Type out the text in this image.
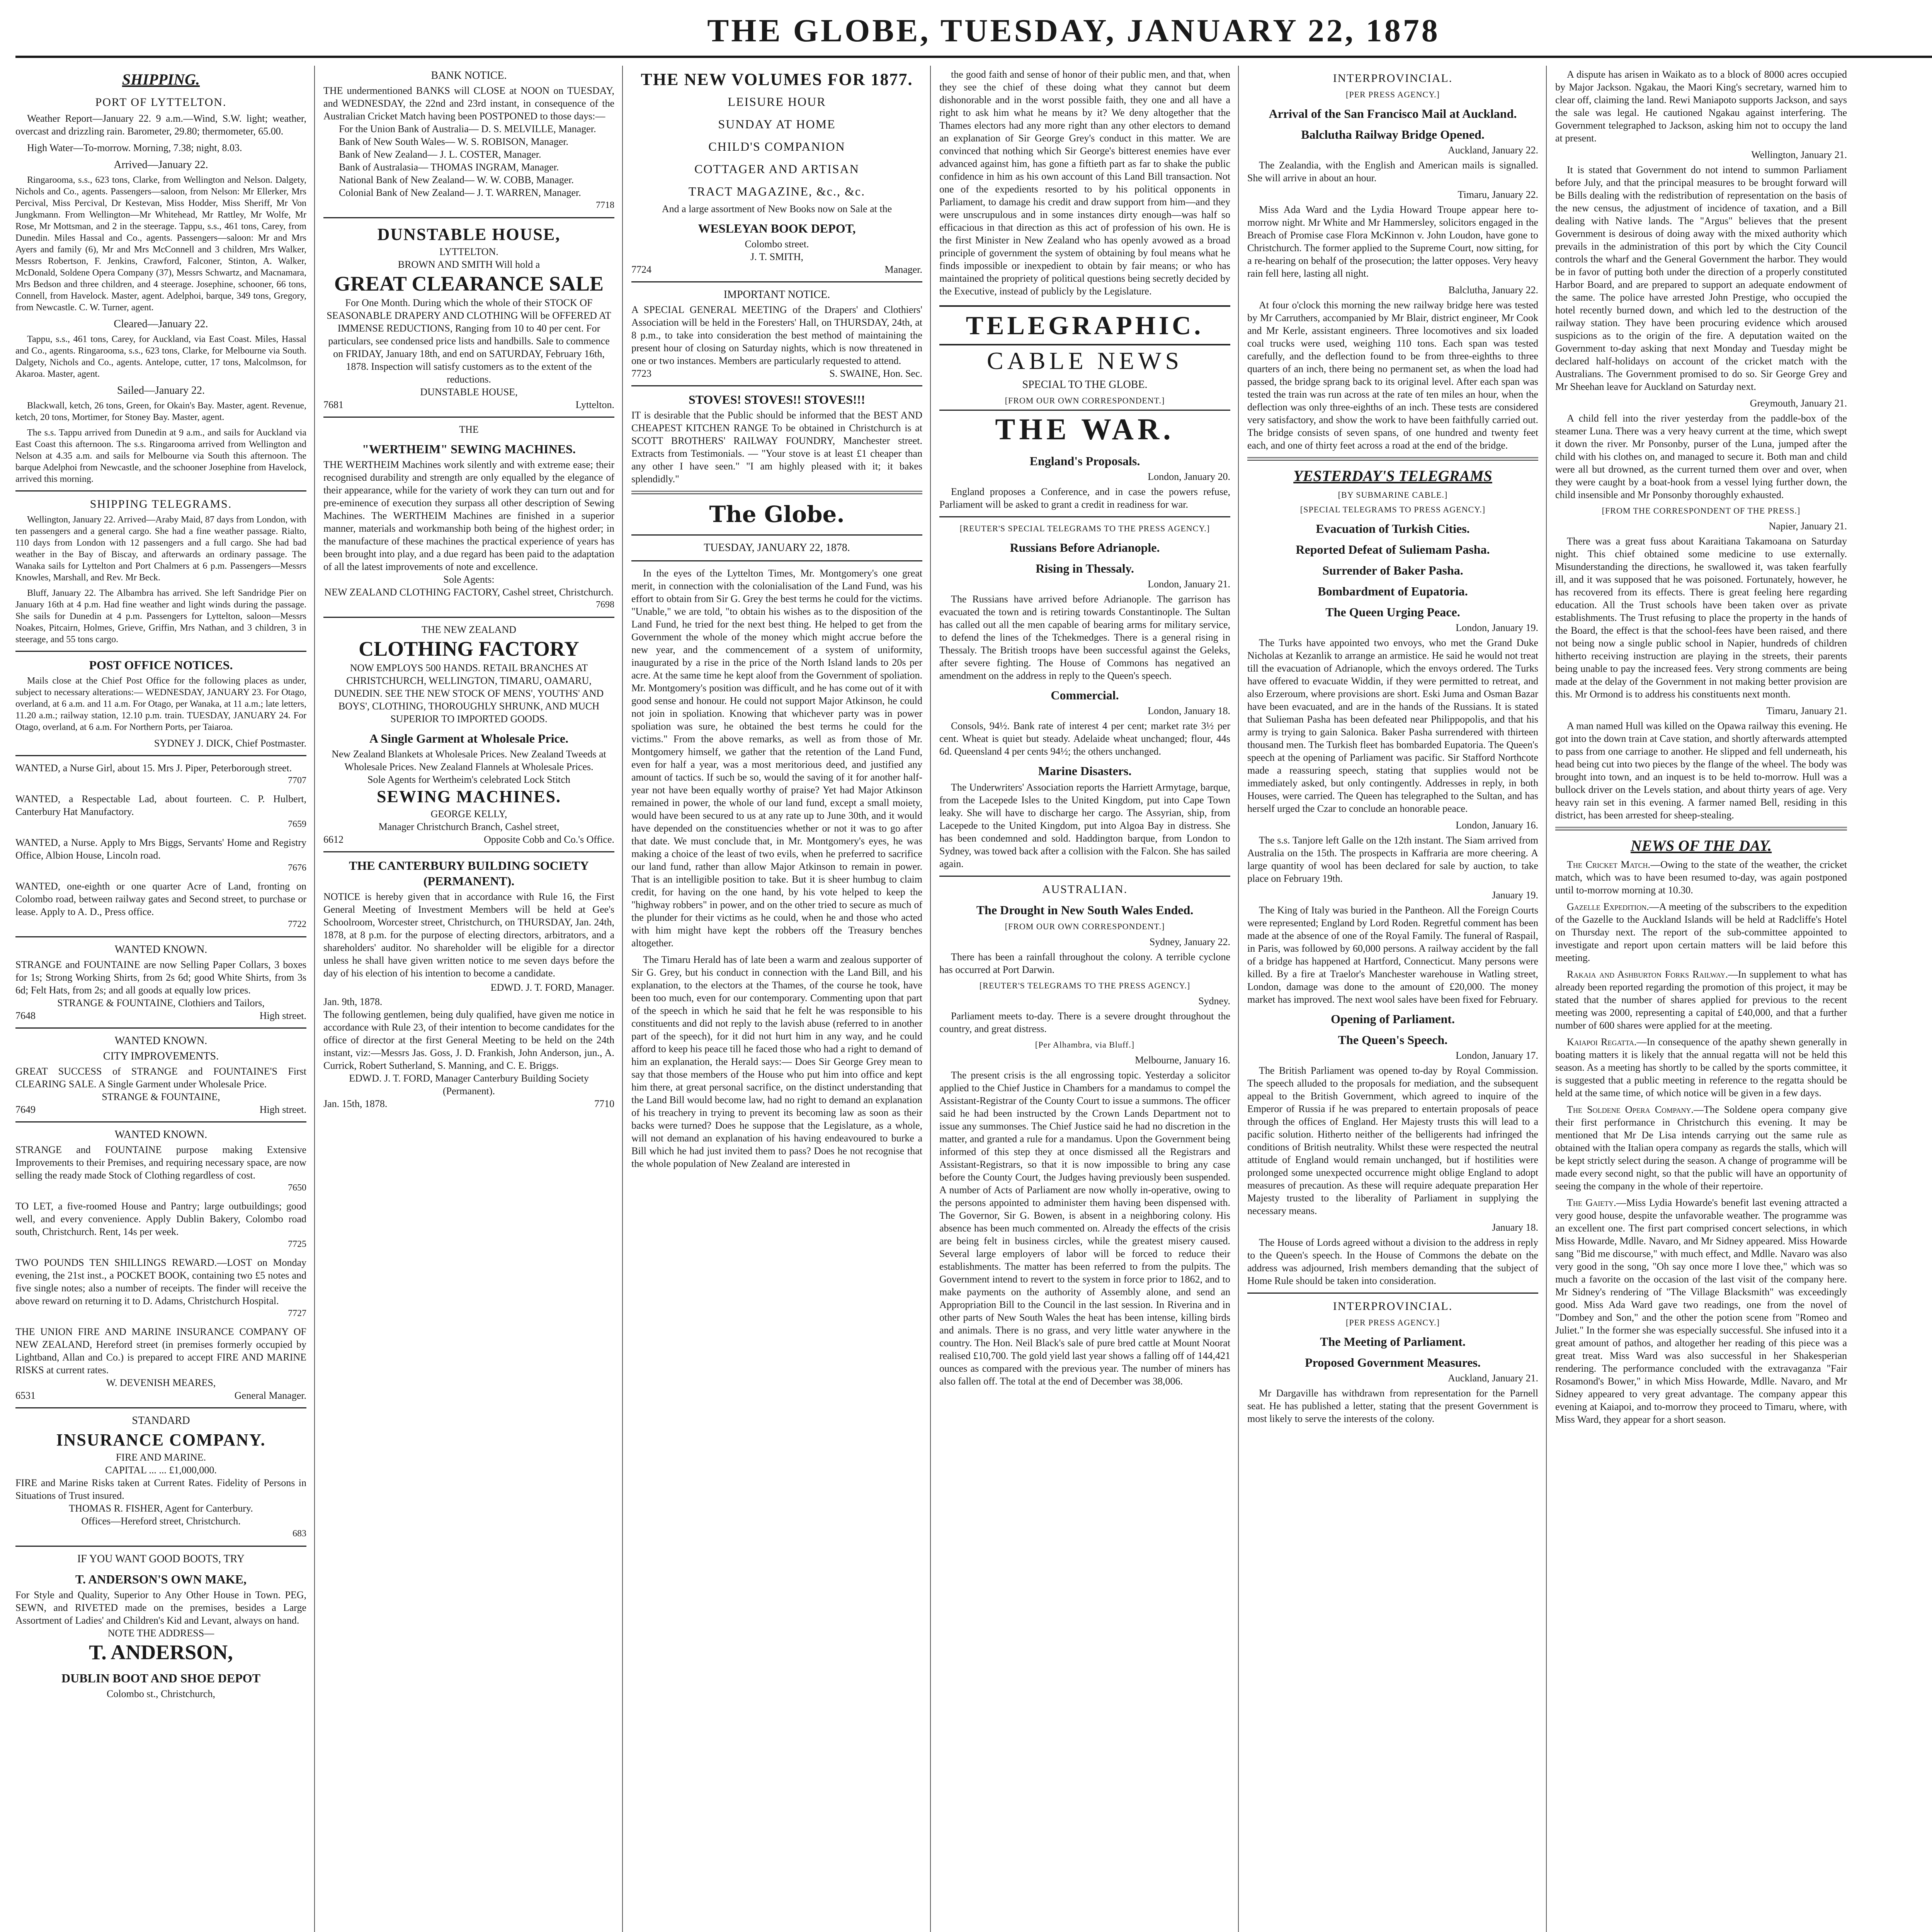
THE GLOBE, TUESDAY, JANUARY 22, 1878
SHIPPING.
PORT OF LYTTELTON.
Weather Report—January 22. 9 a.m.—Wind, S.W. light; weather, overcast and drizzling rain. Barometer, 29.80; thermometer, 65.00.
High Water—To-morrow. Morning, 7.38; night, 8.03.
Arrived—January 22.
Ringarooma, s.s., 623 tons, Clarke, from Wellington and Nelson. Dalgety, Nichols and Co., agents. Passengers—saloon, from Nelson: Mr Ellerker, Mrs Percival, Miss Percival, Dr Kestevan, Miss Hodder, Miss Sheriff, Mr Von Jungkmann. From Wellington—Mr Whitehead, Mr Rattley, Mr Wolfe, Mr Rose, Mr Mottsman, and 2 in the steerage. Tappu, s.s., 461 tons, Carey, from Dunedin. Miles Hassal and Co., agents. Passengers—saloon: Mr and Mrs Ayers and family (6), Mr and Mrs McConnell and 3 children, Mrs Walker, Messrs Robertson, F. Jenkins, Crawford, Falconer, Stinton, A. Walker, McDonald, Soldene Opera Company (37), Messrs Schwartz, and Macnamara, Mrs Bedson and three children, and 4 steerage. Josephine, schooner, 66 tons, Connell, from Havelock. Master, agent. Adelphoi, barque, 349 tons, Gregory, from Newcastle. C. W. Turner, agent.
Cleared—January 22.
Tappu, s.s., 461 tons, Carey, for Auckland, via East Coast. Miles, Hassal and Co., agents. Ringarooma, s.s., 623 tons, Clarke, for Melbourne via South. Dalgety, Nichols and Co., agents. Antelope, cutter, 17 tons, Malcolmson, for Akaroa. Master, agent.
Sailed—January 22.
Blackwall, ketch, 26 tons, Green, for Okain's Bay. Master, agent. Revenue, ketch, 20 tons, Mortimer, for Stoney Bay. Master, agent.
The s.s. Tappu arrived from Dunedin at 9 a.m., and sails for Auckland via East Coast this afternoon. The s.s. Ringarooma arrived from Wellington and Nelson at 4.35 a.m. and sails for Melbourne via South this afternoon. The barque Adelphoi from Newcastle, and the schooner Josephine from Havelock, arrived this morning.
SHIPPING TELEGRAMS.
Wellington, January 22. Arrived—Araby Maid, 87 days from London, with ten passengers and a general cargo. She had a fine weather passage. Rialto, 110 days from London with 12 passengers and a full cargo. She had bad weather in the Bay of Biscay, and afterwards an ordinary passage. The Wanaka sails for Lyttelton and Port Chalmers at 6 p.m. Passengers—Messrs Knowles, Marshall, and Rev. Mr Beck.
Bluff, January 22. The Albambra has arrived. She left Sandridge Pier on January 16th at 4 p.m. Had fine weather and light winds during the passage. She sails for Dunedin at 4 p.m. Passengers for Lyttelton, saloon—Messrs Noakes, Pitcairn, Holmes, Grieve, Griffin, Mrs Nathan, and 3 children, 3 in steerage, and 55 tons cargo.
POST OFFICE NOTICES.
Mails close at the Chief Post Office for the following places as under, subject to necessary alterations:— WEDNESDAY, JANUARY 23. For Otago, overland, at 6 a.m. and 11 a.m. For Otago, per Wanaka, at 11 a.m.; late letters, 11.20 a.m.; railway station, 12.10 p.m. train. TUESDAY, JANUARY 24. For Otago, overland, at 6 a.m. For Northern Ports, per Taiaroa.
SYDNEY J. DICK, Chief Postmaster.
WANTED, a Nurse Girl, about 15. Mrs J. Piper, Peterborough street.
7707
WANTED, a Respectable Lad, about fourteen. C. P. Hulbert, Canterbury Hat Manufactory.
7659
WANTED, a Nurse. Apply to Mrs Biggs, Servants' Home and Registry Office, Albion House, Lincoln road.
7676
WANTED, one-eighth or one quarter Acre of Land, fronting on Colombo road, between railway gates and Second street, to purchase or lease. Apply to A. D., Press office.
7722
WANTED KNOWN.
STRANGE and FOUNTAINE are now Selling Paper Collars, 3 boxes for 1s; Strong Working Shirts, from 2s 6d; good White Shirts, from 3s 6d; Felt Hats, from 2s; and all goods at equally low prices.
STRANGE & FOUNTAINE, Clothiers and Tailors,
7648	High street.
WANTED KNOWN.
CITY IMPROVEMENTS.
GREAT SUCCESS of STRANGE and FOUNTAINE'S First CLEARING SALE. A Single Garment under Wholesale Price.
STRANGE & FOUNTAINE,
7649	High street.
WANTED KNOWN.
STRANGE and FOUNTAINE purpose making Extensive Improvements to their Premises, and requiring necessary space, are now selling the ready made Stock of Clothing regardless of cost.
7650
TO LET, a five-roomed House and Pantry; large outbuildings; good well, and every convenience. Apply Dublin Bakery, Colombo road south, Christchurch. Rent, 14s per week.
7725
TWO POUNDS TEN SHILLINGS REWARD.—LOST on Monday evening, the 21st inst., a POCKET BOOK, containing two £5 notes and five single notes; also a number of receipts. The finder will receive the above reward on returning it to D. Adams, Christchurch Hospital.
7727
THE UNION FIRE AND MARINE INSURANCE COMPANY OF NEW ZEALAND, Hereford street (in premises formerly occupied by Lightband, Allan and Co.) is prepared to accept FIRE AND MARINE RISKS at current rates.
W. DEVENISH MEARES,
6531	General Manager.
STANDARD
INSURANCE COMPANY.
FIRE AND MARINE.
CAPITAL ... ... £1,000,000.
FIRE and Marine Risks taken at Current Rates. Fidelity of Persons in Situations of Trust insured.
THOMAS R. FISHER, Agent for Canterbury.
Offices—Hereford street, Christchurch.
683
IF YOU WANT GOOD BOOTS, TRY
T. ANDERSON'S OWN MAKE,
For Style and Quality, Superior to Any Other House in Town. PEG, SEWN, and RIVETED made on the premises, besides a Large Assortment of Ladies' and Children's Kid and Levant, always on hand.
NOTE THE ADDRESS—
T. ANDERSON,
DUBLIN BOOT AND SHOE DEPOT
Colombo st., Christchurch,
BANK NOTICE.
THE undermentioned BANKS will CLOSE at NOON on TUESDAY, and WEDNESDAY, the 22nd and 23rd instant, in consequence of the Australian Cricket Match having been POSTPONED to those days:—
For the Union Bank of Australia— D. S. MELVILLE, Manager.
Bank of New South Wales— W. S. ROBISON, Manager.
Bank of New Zealand— J. L. COSTER, Manager.
Bank of Australasia— THOMAS INGRAM, Manager.
National Bank of New Zealand— W. W. COBB, Manager.
Colonial Bank of New Zealand— J. T. WARREN, Manager.
7718
DUNSTABLE HOUSE,
LYTTELTON.
BROWN AND SMITH Will hold a
GREAT CLEARANCE SALE
For One Month. During which the whole of their STOCK OF SEASONABLE DRAPERY AND CLOTHING Will be OFFERED AT IMMENSE REDUCTIONS, Ranging from 10 to 40 per cent. For particulars, see condensed price lists and handbills. Sale to commence on FRIDAY, January 18th, and end on SATURDAY, February 16th, 1878. Inspection will satisfy customers as to the extent of the reductions.
DUNSTABLE HOUSE,
7681	Lyttelton.
THE
"WERTHEIM" SEWING MACHINES.
THE WERTHEIM Machines work silently and with extreme ease; their recognised durability and strength are only equalled by the elegance of their appearance, while for the variety of work they can turn out and for pre-eminence of execution they surpass all other description of Sewing Machines. The WERTHEIM Machines are finished in a superior manner, materials and workmanship both being of the highest order; in the manufacture of these machines the practical experience of years has been brought into play, and a due regard has been paid to the adaptation of all the latest improvements of note and excellence.
Sole Agents:
NEW ZEALAND CLOTHING FACTORY, Cashel street, Christchurch.
7698
THE NEW ZEALAND
CLOTHING FACTORY
NOW EMPLOYS 500 HANDS. RETAIL BRANCHES AT CHRISTCHURCH, WELLINGTON, TIMARU, OAMARU, DUNEDIN. SEE THE NEW STOCK OF MENS', YOUTHS' AND BOYS', CLOTHING, THOROUGHLY SHRUNK, AND MUCH SUPERIOR TO IMPORTED GOODS.
A Single Garment at Wholesale Price.
New Zealand Blankets at Wholesale Prices. New Zealand Tweeds at Wholesale Prices. New Zealand Flannels at Wholesale Prices.
Sole Agents for Wertheim's celebrated Lock Stitch
SEWING MACHINES.
GEORGE KELLY,
Manager Christchurch Branch, Cashel street,
6612	Opposite Cobb and Co.'s Office.
THE CANTERBURY BUILDING SOCIETY (PERMANENT).
NOTICE is hereby given that in accordance with Rule 16, the First General Meeting of Investment Members will be held at Gee's Schoolroom, Worcester street, Christchurch, on THURSDAY, Jan. 24th, 1878, at 8 p.m. for the purpose of electing directors, arbitrators, and a shareholders' auditor. No shareholder will be eligible for a director unless he shall have given written notice to me seven days before the day of his election of his intention to become a candidate.
EDWD. J. T. FORD, Manager.
Jan. 9th, 1878.
The following gentlemen, being duly qualified, have given me notice in accordance with Rule 23, of their intention to become candidates for the office of director at the first General Meeting to be held on the 24th instant, viz:—Messrs Jas. Goss, J. D. Frankish, John Anderson, jun., A. Currick, Robert Sutherland, S. Manning, and C. E. Briggs.
EDWD. J. T. FORD, Manager Canterbury Building Society (Permanent).
Jan. 15th, 1878.	7710
THE NEW VOLUMES FOR 1877.
LEISURE HOUR
SUNDAY AT HOME
CHILD'S COMPANION
COTTAGER AND ARTISAN
TRACT MAGAZINE, &c., &c.
And a large assortment of New Books now on Sale at the
WESLEYAN BOOK DEPOT,
Colombo street.
J. T. SMITH,
7724	Manager.
IMPORTANT NOTICE.
A SPECIAL GENERAL MEETING of the Drapers' and Clothiers' Association will be held in the Foresters' Hall, on THURSDAY, 24th, at 8 p.m., to take into consideration the best method of maintaining the present hour of closing on Saturday nights, which is now threatened in one or two instances. Members are particularly requested to attend.
7723	S. SWAINE, Hon. Sec.
STOVES! STOVES!! STOVES!!!
IT is desirable that the Public should be informed that the BEST AND CHEAPEST KITCHEN RANGE To be obtained in Christchurch is at SCOTT BROTHERS' RAILWAY FOUNDRY, Manchester street. Extracts from Testimonials. — "Your stove is at least £1 cheaper than any other I have seen." "I am highly pleased with it; it bakes splendidly."
The Globe.
TUESDAY, JANUARY 22, 1878.
In the eyes of the Lyttelton Times, Mr. Montgomery's one great merit, in connection with the colonialisation of the Land Fund, was his effort to obtain from Sir G. Grey the best terms he could for the victims. "Unable," we are told, "to obtain his wishes as to the disposition of the Land Fund, he tried for the next best thing. He helped to get from the Government the whole of the money which might accrue before the new year, and the commencement of a system of uniformity, inaugurated by a rise in the price of the North Island lands to 20s per acre. At the same time he kept aloof from the Government of spoliation. Mr. Montgomery's position was difficult, and he has come out of it with good sense and honour. He could not support Major Atkinson, he could not join in spoliation. Knowing that whichever party was in power spoliation was sure, he obtained the best terms he could for the victims." From the above remarks, as well as from those of Mr. Montgomery himself, we gather that the retention of the Land Fund, even for half a year, was a most meritorious deed, and justified any amount of tactics. If such be so, would the saving of it for another half-year not have been equally worthy of praise? Yet had Major Atkinson remained in power, the whole of our land fund, except a small moiety, would have been secured to us at any rate up to June 30th, and it would have depended on the constituencies whether or not it was to go after that date. We must conclude that, in Mr. Montgomery's eyes, he was making a choice of the least of two evils, when he preferred to sacrifice our land fund, rather than allow Major Atkinson to remain in power. That is an intelligible position to take. But it is sheer humbug to claim credit, for having on the one hand, by his vote helped to keep the "highway robbers" in power, and on the other tried to secure as much of the plunder for their victims as he could, when he and those who acted with him might have kept the robbers off the Treasury benches altogether.
The Timaru Herald has of late been a warm and zealous supporter of Sir G. Grey, but his conduct in connection with the Land Bill, and his explanation, to the electors at the Thames, of the course he took, have been too much, even for our contemporary. Commenting upon that part of the speech in which he said that he felt he was responsible to his constituents and did not reply to the lavish abuse (referred to in another part of the speech), for it did not hurt him in any way, and he could afford to keep his peace till he faced those who had a right to demand of him an explanation, the Herald says:— Does Sir George Grey mean to say that those members of the House who put him into office and kept him there, at great personal sacrifice, on the distinct understanding that the Land Bill would become law, had no right to demand an explanation of his treachery in trying to prevent its becoming law as soon as their backs were turned? Does he suppose that the Legislature, as a whole, will not demand an explanation of his having endeavoured to burke a Bill which he had just invited them to pass? Does he not recognise that the whole population of New Zealand are interested in
the good faith and sense of honor of their public men, and that, when they see the chief of these doing what they cannot but deem dishonorable and in the worst possible faith, they one and all have a right to ask him what he means by it? We deny altogether that the Thames electors had any more right than any other electors to demand an explanation of Sir George Grey's conduct in this matter. We are convinced that nothing which Sir George's bitterest enemies have ever advanced against him, has gone a fiftieth part as far to shake the public confidence in him as his own account of this Land Bill transaction. Not one of the expedients resorted to by his political opponents in Parliament, to damage his credit and draw support from him—and they were unscrupulous and in some instances dirty enough—was half so efficacious in that direction as this act of profession of his own. He is the first Minister in New Zealand who has openly avowed as a broad principle of government the system of obtaining by foul means what he finds impossible or inexpedient to obtain by fair means; or who has maintained the propriety of political questions being secretly decided by the Executive, instead of publicly by the Legislature.
TELEGRAPHIC.
CABLE NEWS
SPECIAL TO THE GLOBE.
[FROM OUR OWN CORRESPONDENT.]
THE WAR.
England's Proposals.
London, January 20.
England proposes a Conference, and in case the powers refuse, Parliament will be asked to grant a credit in readiness for war.
[REUTER'S SPECIAL TELEGRAMS TO THE PRESS AGENCY.]
Russians Before Adrianople.
Rising in Thessaly.
London, January 21.
The Russians have arrived before Adrianople. The garrison has evacuated the town and is retiring towards Constantinople. The Sultan has called out all the men capable of bearing arms for military service, to defend the lines of the Tchekmedges. There is a general rising in Thessaly. The British troops have been successful against the Geleks, after severe fighting. The House of Commons has negatived an amendment on the address in reply to the Queen's speech.
Commercial.
London, January 18.
Consols, 94½. Bank rate of interest 4 per cent; market rate 3½ per cent. Wheat is quiet but steady. Adelaide wheat unchanged; flour, 44s 6d. Queensland 4 per cents 94½; the others unchanged.
Marine Disasters.
The Underwriters' Association reports the Harriett Armytage, barque, from the Lacepede Isles to the United Kingdom, put into Cape Town leaky. She will have to discharge her cargo. The Assyrian, ship, from Lacepede to the United Kingdom, put into Algoa Bay in distress. She has been condemned and sold. Haddington barque, from London to Sydney, was towed back after a collision with the Falcon. She has sailed again.
AUSTRALIAN.
The Drought in New South Wales Ended.
[FROM OUR OWN CORRESPONDENT.]
Sydney, January 22.
There has been a rainfall throughout the colony. A terrible cyclone has occurred at Port Darwin.
[REUTER'S TELEGRAMS TO THE PRESS AGENCY.]
Sydney.
Parliament meets to-day. There is a severe drought throughout the country, and great distress.
[Per Alhambra, via Bluff.]
Melbourne, January 16.
The present crisis is the all engrossing topic. Yesterday a solicitor applied to the Chief Justice in Chambers for a mandamus to compel the Assistant-Registrar of the County Court to issue a summons. The officer said he had been instructed by the Crown Lands Department not to issue any summonses. The Chief Justice said he had no discretion in the matter, and granted a rule for a mandamus. Upon the Government being informed of this step they at once dismissed all the Registrars and Assistant-Registrars, so that it is now impossible to bring any case before the County Court, the Judges having previously been suspended. A number of Acts of Parliament are now wholly in-operative, owing to the persons appointed to administer them having been dispensed with. The Governor, Sir G. Bowen, is absent in a neighboring colony. His absence has been much commented on. Already the effects of the crisis are being felt in business circles, while the greatest misery caused. Several large employers of labor will be forced to reduce their establishments. The matter has been referred to from the pulpits. The Government intend to revert to the system in force prior to 1862, and to make payments on the authority of Assembly alone, and send an Appropriation Bill to the Council in the last session. In Riverina and in other parts of New South Wales the heat has been intense, killing birds and animals. There is no grass, and very little water anywhere in the country. The Hon. Neil Black's sale of pure bred cattle at Mount Noorat realised £10,700. The gold yield last year shows a falling off of 144,421 ounces as compared with the previous year. The number of miners has also fallen off. The total at the end of December was 38,006.
INTERPROVINCIAL.
[PER PRESS AGENCY.]
Arrival of the San Francisco Mail at Auckland.
Balclutha Railway Bridge Opened.
Auckland, January 22.
The Zealandia, with the English and American mails is signalled. She will arrive in about an hour.
Timaru, January 22.
Miss Ada Ward and the Lydia Howard Troupe appear here to-morrow night. Mr White and Mr Hammersley, solicitors engaged in the Breach of Promise case Flora McKinnon v. John Loudon, have gone to Christchurch. The former applied to the Supreme Court, now sitting, for a re-hearing on behalf of the prosecution; the latter opposes. Very heavy rain fell here, lasting all night.
Balclutha, January 22.
At four o'clock this morning the new railway bridge here was tested by Mr Carruthers, accompanied by Mr Blair, district engineer, Mr Cook and Mr Kerle, assistant engineers. Three locomotives and six loaded coal trucks were used, weighing 110 tons. Each span was tested carefully, and the deflection found to be from three-eighths to three quarters of an inch, there being no permanent set, as when the load had passed, the bridge sprang back to its original level. After each span was tested the train was run across at the rate of ten miles an hour, when the deflection was only three-eighths of an inch. These tests are considered very satisfactory, and show the work to have been faithfully carried out. The bridge consists of seven spans, of one hundred and twenty feet each, and one of thirty feet across a road at the end of the bridge.
YESTERDAY'S TELEGRAMS
[BY SUBMARINE CABLE.]
[SPECIAL TELEGRAMS TO PRESS AGENCY.]
Evacuation of Turkish Cities.
Reported Defeat of Suliemam Pasha.
Surrender of Baker Pasha.
Bombardment of Eupatoria.
The Queen Urging Peace.
London, January 19.
The Turks have appointed two envoys, who met the Grand Duke Nicholas at Kezanlik to arrange an armistice. He said he would not treat till the evacuation of Adrianople, which the envoys ordered. The Turks have offered to evacuate Widdin, if they were permitted to retreat, and also Erzeroum, where provisions are short. Eski Juma and Osman Bazar have been evacuated, and are in the hands of the Russians. It is stated that Sulieman Pasha has been defeated near Philippopolis, and that his army is trying to gain Salonica. Baker Pasha surrendered with thirteen thousand men. The Turkish fleet has bombarded Eupatoria. The Queen's speech at the opening of Parliament was pacific. Sir Stafford Northcote made a reassuring speech, stating that supplies would not be immediately asked, but only contingently. Addresses in reply, in both Houses, were carried. The Queen has telegraphed to the Sultan, and has herself urged the Czar to conclude an honorable peace.
London, January 16.
The s.s. Tanjore left Galle on the 12th instant. The Siam arrived from Australia on the 15th. The prospects in Kaffraria are more cheering. A large quantity of wool has been declared for sale by auction, to take place on February 19th.
January 19.
The King of Italy was buried in the Pantheon. All the Foreign Courts were represented; England by Lord Roden. Regretful comment has been made at the absence of one of the Royal Family. The funeral of Raspail, in Paris, was followed by 60,000 persons. A railway accident by the fall of a bridge has happened at Hartford, Connecticut. Many persons were killed. By a fire at Traelor's Manchester warehouse in Watling street, London, damage was done to the amount of £20,000. The money market has improved. The next wool sales have been fixed for February.
Opening of Parliament.
The Queen's Speech.
London, January 17.
The British Parliament was opened to-day by Royal Commission. The speech alluded to the proposals for mediation, and the subsequent appeal to the British Government, which agreed to inquire of the Emperor of Russia if he was prepared to entertain proposals of peace through the offices of England. Her Majesty trusts this will lead to a pacific solution. Hitherto neither of the belligerents had infringed the conditions of British neutrality. Whilst these were respected the neutral attitude of England would remain unchanged, but if hostilities were prolonged some unexpected occurrence might oblige England to adopt measures of precaution. As these will require adequate preparation Her Majesty trusted to the liberality of Parliament in supplying the necessary means.
January 18.
The House of Lords agreed without a division to the address in reply to the Queen's speech. In the House of Commons the debate on the address was adjourned, Irish members demanding that the subject of Home Rule should be taken into consideration.
INTERPROVINCIAL.
[PER PRESS AGENCY.]
The Meeting of Parliament.
Proposed Government Measures.
Auckland, January 21.
Mr Dargaville has withdrawn from representation for the Parnell seat. He has published a letter, stating that the present Government is most likely to serve the interests of the colony.
A dispute has arisen in Waikato as to a block of 8000 acres occupied by Major Jackson. Ngakau, the Maori King's secretary, warned him to clear off, claiming the land. Rewi Maniapoto supports Jackson, and says the sale was legal. He cautioned Ngakau against interfering. The Government telegraphed to Jackson, asking him not to occupy the land at present.
Wellington, January 21.
It is stated that Government do not intend to summon Parliament before July, and that the principal measures to be brought forward will be Bills dealing with the redistribution of representation on the basis of the new census, the adjustment of incidence of taxation, and a Bill dealing with Native lands. The "Argus" believes that the present Government is desirous of doing away with the mixed authority which prevails in the administration of this port by which the City Council controls the wharf and the General Government the harbor. They would be in favor of putting both under the direction of a properly constituted Harbor Board, and are prepared to support an adequate endowment of the same. The police have arrested John Prestige, who occupied the hotel recently burned down, and which led to the destruction of the railway station. They have been procuring evidence which aroused suspicions as to the origin of the fire. A deputation waited on the Government to-day asking that next Monday and Tuesday might be declared half-holidays on account of the cricket match with the Australians. The Government promised to do so. Sir George Grey and Mr Sheehan leave for Auckland on Saturday next.
Greymouth, January 21.
A child fell into the river yesterday from the paddle-box of the steamer Luna. There was a very heavy current at the time, which swept it down the river. Mr Ponsonby, purser of the Luna, jumped after the child with his clothes on, and managed to secure it. Both man and child were all but drowned, as the current turned them over and over, when they were caught by a boat-hook from a vessel lying further down, the child insensible and Mr Ponsonby thoroughly exhausted.
[FROM THE CORRESPONDENT OF THE PRESS.]
Napier, January 21.
There was a great fuss about Karaitiana Takamoana on Saturday night. This chief obtained some medicine to use externally. Misunderstanding the directions, he swallowed it, was taken fearfully ill, and it was supposed that he was poisoned. Fortunately, however, he has recovered from its effects. There is great feeling here regarding education. All the Trust schools have been taken over as private establishments. The Trust refusing to place the property in the hands of the Board, the effect is that the school-fees have been raised, and there not being now a single public school in Napier, hundreds of children hitherto receiving instruction are playing in the streets, their parents being unable to pay the increased fees. Very strong comments are being made at the delay of the Government in not making better provision are this. Mr Ormond is to address his constituents next month.
Timaru, January 21.
A man named Hull was killed on the Opawa railway this evening. He got into the down train at Cave station, and shortly afterwards attempted to pass from one carriage to another. He slipped and fell underneath, his head being cut into two pieces by the flange of the wheel. The body was brought into town, and an inquest is to be held to-morrow. Hull was a bullock driver on the Levels station, and about thirty years of age. Very heavy rain set in this evening. A farmer named Bell, residing in this district, has been arrested for sheep-stealing.
NEWS OF THE DAY.
The Cricket Match.—Owing to the state of the weather, the cricket match, which was to have been resumed to-day, was again postponed until to-morrow morning at 10.30.
Gazelle Expedition.—A meeting of the subscribers to the expedition of the Gazelle to the Auckland Islands will be held at Radcliffe's Hotel on Thursday next. The report of the sub-committee appointed to investigate and report upon certain matters will be laid before this meeting.
Rakaia and Ashburton Forks Railway.—In supplement to what has already been reported regarding the promotion of this project, it may be stated that the number of shares applied for previous to the recent meeting was 2000, representing a capital of £40,000, and that a further number of 600 shares were applied for at the meeting.
Kaiapoi Regatta.—In consequence of the apathy shewn generally in boating matters it is likely that the annual regatta will not be held this season. As a meeting has shortly to be called by the sports committee, it is suggested that a public meeting in reference to the regatta should be held at the same time, of which notice will be given in a few days.
The Soldene Opera Company.—The Soldene opera company give their first performance in Christchurch this evening. It may be mentioned that Mr De Lisa intends carrying out the same rule as obtained with the Italian opera company as regards the stalls, which will be kept strictly select during the season. A change of programme will be made every second night, so that the public will have an opportunity of seeing the company in the whole of their repertoire.
The Gaiety.—Miss Lydia Howarde's benefit last evening attracted a very good house, despite the unfavorable weather. The programme was an excellent one. The first part comprised concert selections, in which Miss Howarde, Mdlle. Navaro, and Mr Sidney appeared. Miss Howarde sang "Bid me discourse," with much effect, and Mdlle. Navaro was also very good in the song, "Oh say once more I love thee," which was so much a favorite on the occasion of the last visit of the company here. Mr Sidney's rendering of "The Village Blacksmith" was exceedingly good. Miss Ada Ward gave two readings, one from the novel of "Dombey and Son," and the other the potion scene from "Romeo and Juliet." In the former she was especially successful. She infused into it a great amount of pathos, and altogether her reading of this piece was a great treat. Miss Ward was also successful in her Shakesperian rendering. The performance concluded with the extravaganza "Fair Rosamond's Bower," in which Miss Howarde, Mdlle. Navaro, and Mr Sidney appeared to very great advantage. The company appear this evening at Kaiapoi, and to-morrow they proceed to Timaru, where, with Miss Ward, they appear for a short season.
